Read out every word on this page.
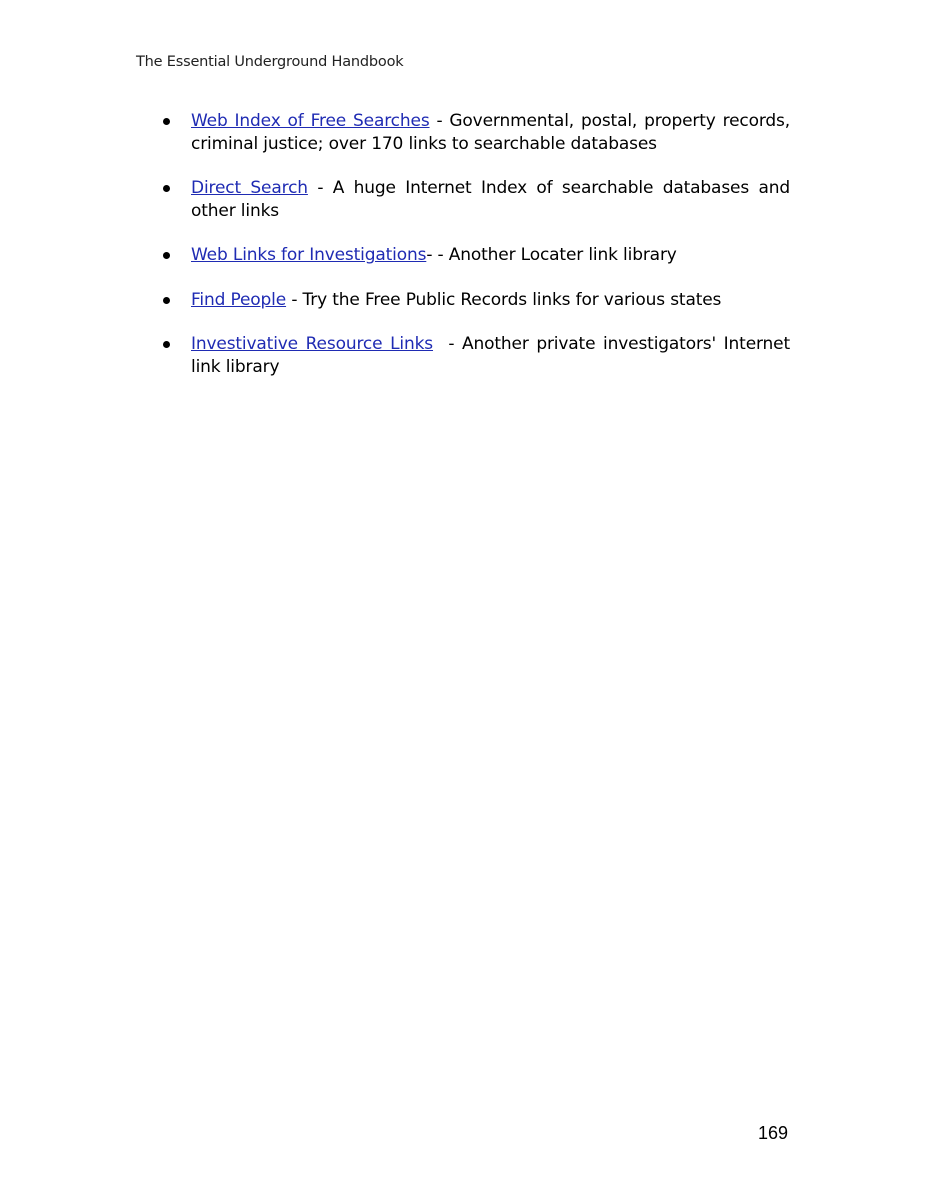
The Essential Underground Handbook
Web Index of Free Searches - Governmental, postal, property records, criminal justice; over 170 links to searchable databases
Direct Search - A huge Internet Index of searchable databases and other links
Web Links for Investigations- - Another Locater link library
Find People - Try the Free Public Records links for various states
Investivative Resource Links  - Another private investigators' Internet link library
169
